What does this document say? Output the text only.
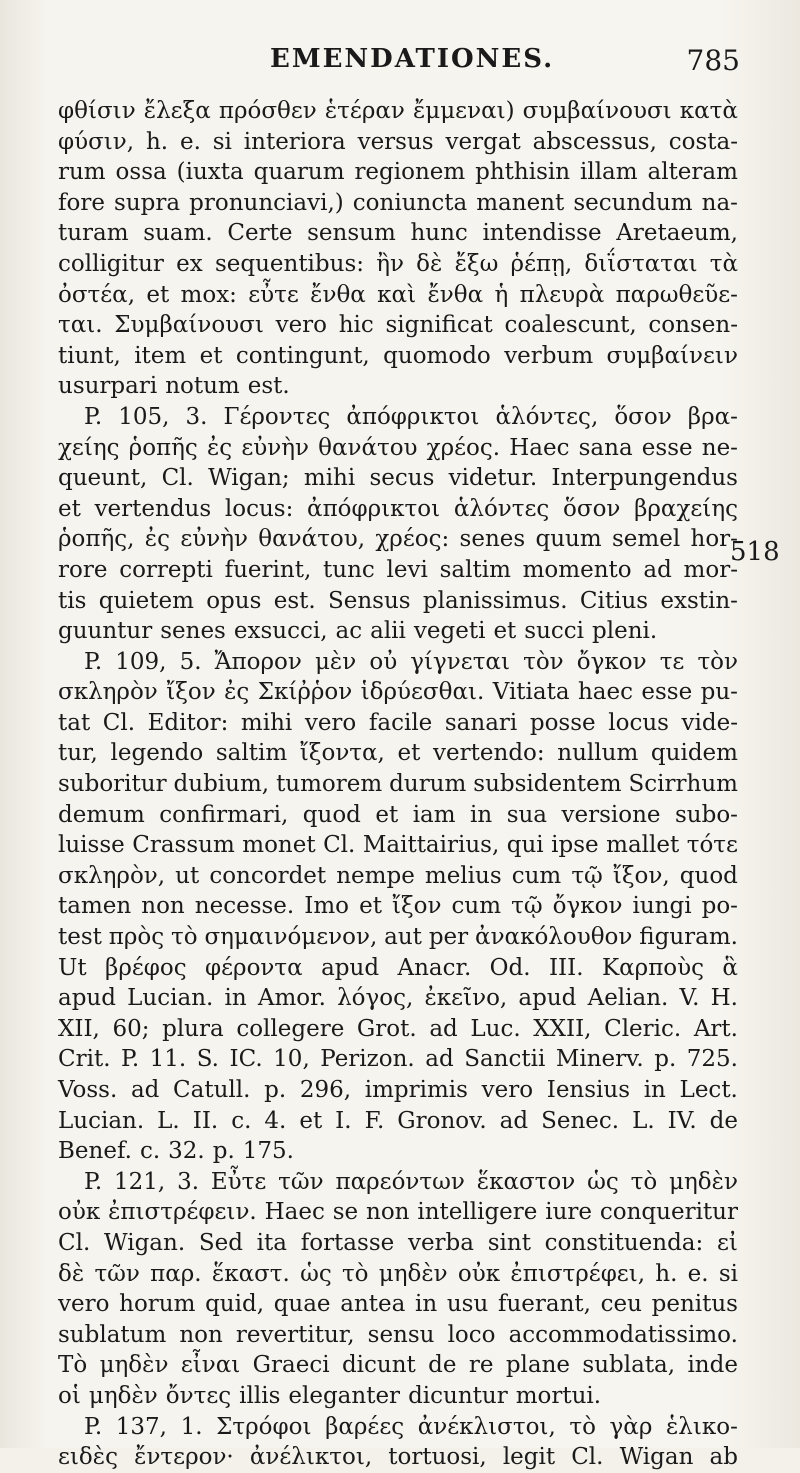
EMENDATIONES.	785
φθίσιν ἔλεξα πρόσθεν ἑτέραν ἔμμεναι) συμβαίνουσι κατὰ
φύσιν, h. e. si interiora versus vergat abscessus, costa-
rum ossa (iuxta quarum regionem phthisin illam alteram
fore supra pronunciavi,) coniuncta manent secundum na-
turam suam. Certe sensum hunc intendisse Aretaeum,
colligitur ex sequentibus: ἢν δὲ ἔξω ῥέπῃ, διΐσταται τὰ
ὀστέα, et mox: εὖτε ἔνθα καὶ ἔνθα ἡ πλευρὰ παρωθεῦε-
ται. Συμβαίνουσι vero hic significat coalescunt, consen-
tiunt, item et contingunt, quomodo verbum συμβαίνειν
usurpari notum est.
P. 105, 3. Γέροντες ἀπόφρικτοι ἁλόντες, ὅσον βρα-
χείης ῥοπῆς ἐς εὐνὴν θανάτου χρέος. Haec sana esse ne-
queunt, Cl. Wigan; mihi secus videtur. Interpungendus
et vertendus locus: ἀπόφρικτοι ἁλόντες ὅσον βραχείης
ῥοπῆς, ἐς εὐνὴν θανάτου, χρέος: senes quum semel hor-
rore correpti fuerint, tunc levi saltim momento ad mor-
tis quietem opus est. Sensus planissimus. Citius exstin-
guuntur senes exsucci, ac alii vegeti et succi pleni.
P. 109, 5. Ἄπορον μὲν οὐ γίγνεται τὸν ὄγκον τε τὸν
σκληρὸν ἴξον ἐς Σκίῤῥον ἱδρύεσθαι. Vitiata haec esse pu-
tat Cl. Editor: mihi vero facile sanari posse locus vide-
tur, legendo saltim ἴξοντα, et vertendo: nullum quidem
suboritur dubium, tumorem durum subsidentem Scirrhum
demum confirmari, quod et iam in sua versione subo-
luisse Crassum monet Cl. Maittairius, qui ipse mallet τότε
σκληρὸν, ut concordet nempe melius cum τῷ ἴξον, quod
tamen non necesse. Imo et ἴξον cum τῷ ὄγκον iungi po-
test πρὸς τὸ σημαινόμενον, aut per ἀνακόλουθον figuram.
Ut βρέφος φέροντα apud Anacr. Od. III. Καρποὺς ἃ
apud Lucian. in Amor. λόγος, ἐκεῖνο, apud Aelian. V. H.
XII, 60; plura collegere Grot. ad Luc. XXII, Cleric. Art.
Crit. P. 11. S. IC. 10, Perizon. ad Sanctii Minerv. p. 725.
Voss. ad Catull. p. 296, imprimis vero Iensius in Lect.
Lucian. L. II. c. 4. et I. F. Gronov. ad Senec. L. IV. de
Benef. c. 32. p. 175.
P. 121, 3. Εὖτε τῶν παρεόντων ἕκαστον ὡς τὸ μηδὲν
οὐκ ἐπιστρέφειν. Haec se non intelligere iure conqueritur
Cl. Wigan. Sed ita fortasse verba sint constituenda: εἰ
δὲ τῶν παρ. ἕκαστ. ὡς τὸ μηδὲν οὐκ ἐπιστρέφει, h. e. si
vero horum quid, quae antea in usu fuerant, ceu penitus
sublatum non revertitur, sensu loco accommodatissimo.
Τὸ μηδὲν εἶναι Graeci dicunt de re plane sublata, inde
οἱ μηδὲν ὄντες illis eleganter dicuntur mortui.
P. 137, 1. Στρόφοι βαρέες ἀνέκλιστοι, τὸ γὰρ ἑλικο-
ειδὲς ἔντερον· ἀνέλικτοι, tortuosi, legit Cl. Wigan ab
518
